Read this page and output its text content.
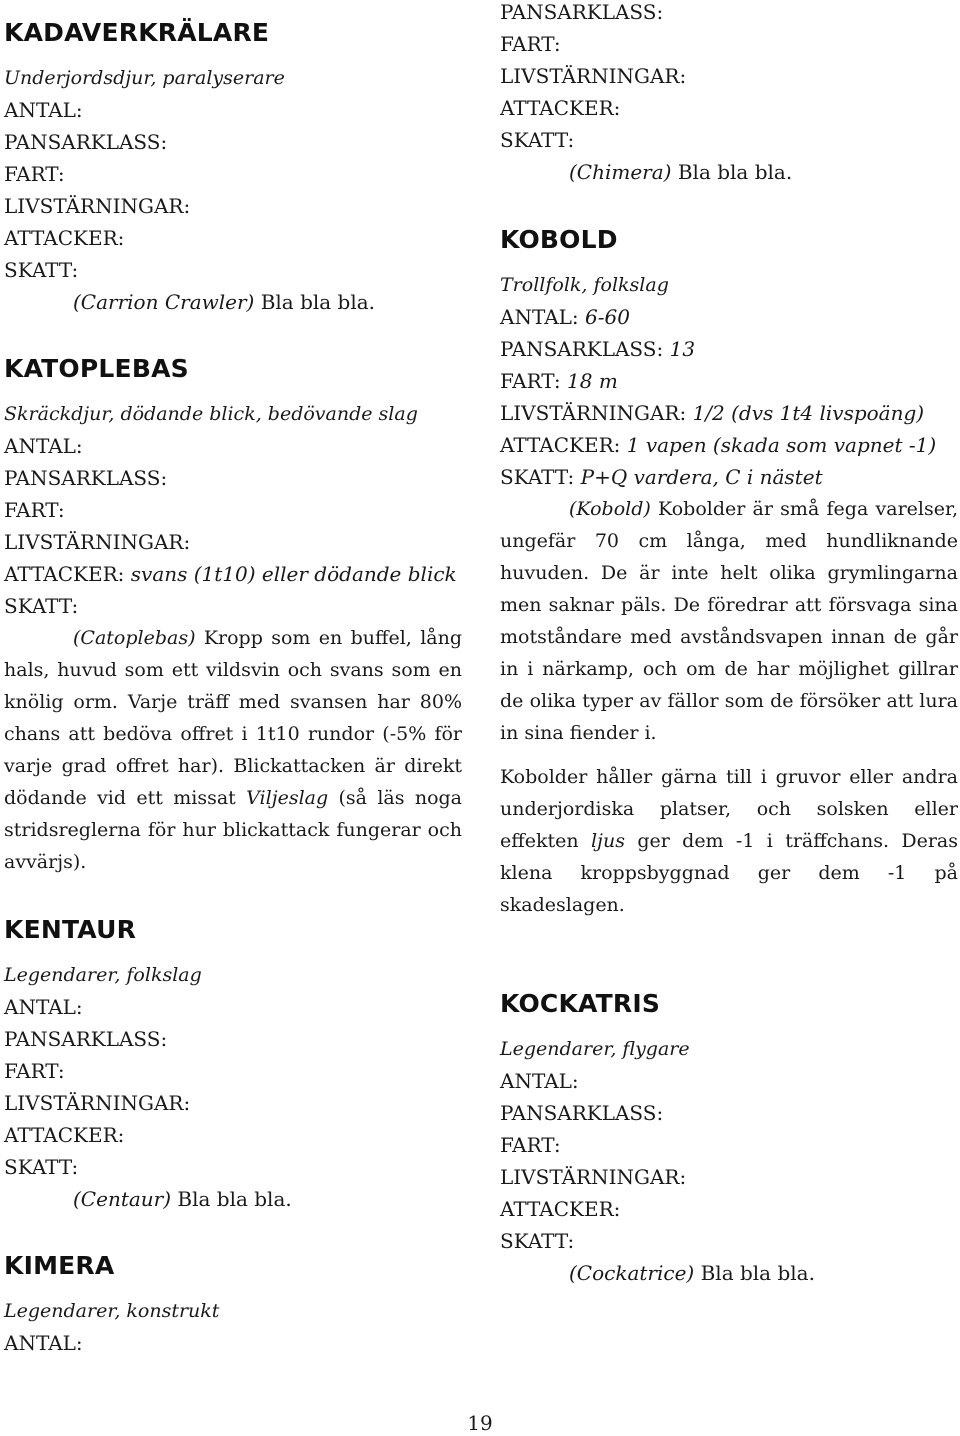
KADAVERKRÄLARE
Underjordsdjur, paralyserare
ANTAL:
PANSARKLASS:
FART:
LIVSTÄRNINGAR:
ATTACKER:
SKATT:
(Carrion Crawler) Bla bla bla.
KATOPLEBAS
Skräckdjur, dödande blick, bedövande slag
ANTAL:
PANSARKLASS:
FART:
LIVSTÄRNINGAR:
ATTACKER: svans (1t10) eller dödande blick
SKATT:
(Catoplebas) Kropp som en buffel, lång hals, huvud som ett vildsvin och svans som en knölig orm. Varje träff med svansen har 80% chans att bedöva offret i 1t10 rundor (-5% för varje grad offret har). Blickattacken är direkt dödande vid ett missat Viljeslag (så läs noga stridsreglerna för hur blickattack fungerar och avvärjs).
KENTAUR
Legendarer, folkslag
ANTAL:
PANSARKLASS:
FART:
LIVSTÄRNINGAR:
ATTACKER:
SKATT:
(Centaur) Bla bla bla.
KIMERA
Legendarer, konstrukt
ANTAL:
PANSARKLASS:
FART:
LIVSTÄRNINGAR:
ATTACKER:
SKATT:
(Chimera) Bla bla bla.
KOBOLD
Trollfolk, folkslag
ANTAL: 6-60
PANSARKLASS: 13
FART: 18 m
LIVSTÄRNINGAR: 1/2 (dvs 1t4 livspoäng)
ATTACKER: 1 vapen (skada som vapnet -1)
SKATT: P+Q vardera, C i nästet
(Kobold) Kobolder är små fega varelser, ungefär 70 cm långa, med hundliknande huvuden. De är inte helt olika grymlingarna men saknar päls. De föredrar att försvaga sina motståndare med avståndsvapen innan de går in i närkamp, och om de har möjlighet gillrar de olika typer av fällor som de försöker att lura in sina fiender i.
Kobolder håller gärna till i gruvor eller andra underjordiska platser, och solsken eller effekten ljus ger dem -1 i träffchans. Deras klena kroppsbyggnad ger dem -1 på skadeslagen.
KOCKATRIS
Legendarer, flygare
ANTAL:
PANSARKLASS:
FART:
LIVSTÄRNINGAR:
ATTACKER:
SKATT:
(Cockatrice) Bla bla bla.
19
